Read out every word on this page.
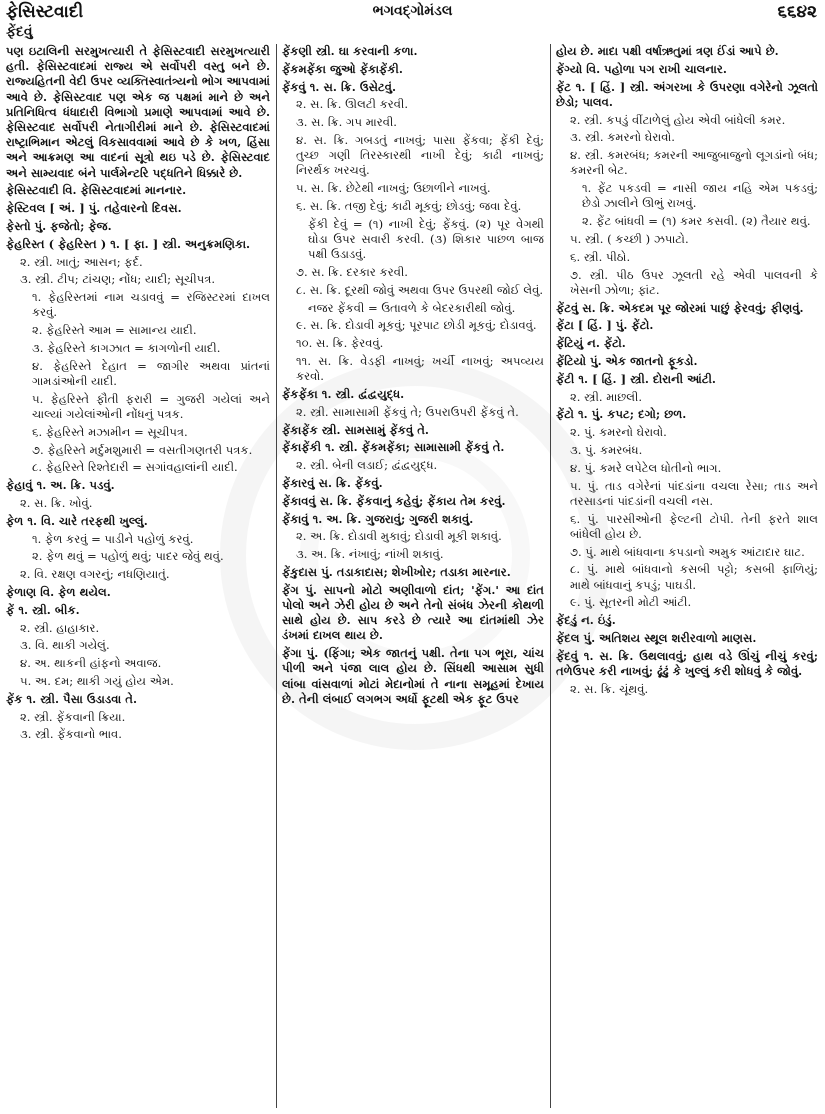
ફેસિસ્ટવાદી	ભગવદ્ગોમંડલ	૬૬૪૨
ફેંદવું

પણ ઇટાલિની સરમુખત્યારી તે ફેસિસ્ટવાદી સરમુખત્યારી હતી. ફેસિસ્ટવાદમાં રાજ્ય એ સર્વોપરી વસ્તુ બને છે. રાજ્યહિતની વેદી ઉપર વ્યક્તિસ્વાતંત્ર્યનો ભોગ આપવામાં આવે છે. ફેસિસ્ટવાદ પણ એક જ પક્ષમાં માને છે અને પ્રતિનિધિત્વ ધંધાદારી વિભાગો પ્રમાણે આપવામાં આવે છે. ફેસિસ્ટવાદ સર્વોપરી નેતાગીરીમાં માને છે. ફેસિસ્ટવાદમાં રાષ્ટ્રાભિમાન એટલું વિકસાવવામાં આવે છે કે ખળ, હિંસા અને આક્રમણ આ વાદનાં સૂત્રો થઇ પડે છે. ફેસિસ્ટવાદ અને સામ્યવાદ બંને પાર્લમેન્ટરિ પદ્ધતિને ધિક્કારે છે.

ફેસિસ્ટવાદી વિ. ફેસિસ્ટવાદમાં માનનાર.

ફેસ્ટિવલ [ અં. ] પું. તહેવારનો દિવસ.

ફેસ્તો પું. ફજેતો; ફેજ.

ફેહરિસ્ત ( ફેહરિસ્ત ) ૧. [ ફા. ] સ્ત્રી. અનુક્રમણિકા.

૨. સ્ત્રી. ખાતું; આસન; ફર્દ.

૩. સ્ત્રી. ટીપ; ટાંચણ; નોંધ; યાદી; સૂચીપત્ર.

૧. ફેહરિસ્તમાં નામ ચડાવવું = રજિસ્ટરમાં દાખલ કરવું.

૨. ફેહરિસ્તે આમ = સામાન્ય યાદી.

૩. ફેહરિસ્તે કાગઝાત = કાગળોની યાદી.

૪. ફેહરિસ્તે દેહાત = જાગીર અથવા પ્રાંતનાં ગામડાંઓની યાદી.

૫. ફેહરિસ્તે ફૌતી ફરારી = ગુજરી ગયેલાં અને ચાલ્યાં ગયેલાંઓની નોંધનું પત્રક.

૬. ફેહરિસ્તે મઝામીન = સૂચીપત્ર.

૭. ફેહરિસ્તે મર્દુમશુમારી = વસતીગણતરી પત્રક.

૮. ફેહરિસ્તે રિશ્તેદારી = સગાંવહાલાંની યાદી.

ફેહાવું ૧. અ. ક્રિ. પડવું.

૨. સ. ક્રિ. ખોવું.

ફેળ ૧. વિ. ચારે તરફથી ખુલ્લું.

૧. ફેળ કરવું = પાડીને પહોળું કરવું.

૨. ફેળ થવું = પહોળું થવું; પાદર જેવું થવું.

૨. વિ. રક્ષણ વગરનું; નધણિયાતું.

ફેળાણ વિ. ફેળ થયેલ.

ફેં ૧. સ્ત્રી. બીક.

૨. સ્ત્રી. હાહાકાર.

૩. વિ. થાકી ગયેલું.

૪. અ. થાકની હાંફનો અવાજ.

૫. અ. દમ; થાકી ગયું હોય એમ.

ફેંક ૧. સ્ત્રી. પૈસા ઉડાડવા તે.

૨. સ્ત્રી. ફેંકવાની ક્રિયા.

૩. સ્ત્રી. ફેંકવાનો ભાવ.

ફેંકણી સ્ત્રી. ઘા કરવાની કળા.

ફેંકમફેંકા જુઓ ફેંકાફેંકી.

ફેંકવું ૧. સ. ક્રિ. ઉસેટવું.

૨. સ. ક્રિ. ઊલટી કરવી.

૩. સ. ક્રિ. ગપ મારવી.

૪. સ. ક્રિ. ગબડતું નાખવું; પાસા ફેંકવા; ફેંકી દેવું; તુચ્છ ગણી તિરસ્કારથી નાખી દેવું; કાઢી નાખવું; નિરર્થક ખરચવું.

૫. સ. ક્રિ. છેટેથી નાખવું; ઉછાળીને નાખવું.

૬. સ. ક્રિ. તજી દેવું; કાઢી મૂકવું; છોડવું; જવા દેવું.

ફેંકી દેવું = (૧) નાખી દેવું; ફેંકવું. (૨) પૂર વેગથી ઘોડા ઉપર સવારી કરવી. (૩) શિકાર પાછળ બાજ પક્ષી ઉડાડવું.

૭. સ. ક્રિ. દરકાર કરવી.

૮. સ. ક્રિ. દૂરથી જોવું અથવા ઉપર ઉપરથી જોઈ લેવું.

નજર ફેંકવી = ઉતાવળે કે બેદરકારીથી જોવું.

૯. સ. ક્રિ. દોડાવી મૂકવું; પૂરપાટ છોડી મૂકવું; દોડાવવું.

૧૦. સ. ક્રિ. ફેરવવું.

૧૧. સ. ક્રિ. વેડફી નાખવું; ખર્ચી નાખવું; અપવ્યય કરવો.

ફેંકફેંકા ૧. સ્ત્રી. દ્વંદ્વયુદ્ધ.

૨. સ્ત્રી. સામાસામી ફેંકવું તે; ઉપરાઉપરી ફેંકવું તે.

ફેંકાફેંક સ્ત્રી. સામસામું ફેંકવું તે.

ફેંકાફેંકી ૧. સ્ત્રી. ફેંકમફેંકા; સામાસામી ફેંકવું તે.

૨. સ્ત્રી. બેની લડાઈ; દ્વંદ્વયુદ્ધ.

ફેંકારવું સ. ક્રિ. ફેંકવું.

ફેંકાવવું સ. ક્રિ. ફેંકવાનું કહેવું; ફેંકાય તેમ કરવું.

ફેંકાવું ૧. અ. ક્રિ. ગુજરાવું; ગુજરી શકાવું.

૨. અ. ક્રિ. દોડાવી મુકાવું; દોડાવી મૂકી શકાવું.

૩. અ. ક્રિ. નંખાવું; નાંખી શકાવું.

ફેંકુદાસ પું. તડાકાદાસ; શેખીખોર; તડાકા મારનાર.

ફેંગ પું. સાપનો મોટો અણીવાળો દાંત; 'ફેંગ.' આ દાંત પોલો અને ઝેરી હોય છે અને તેનો સંબંધ ઝેરની કોથળી સાથે હોય છે. સાપ કરડે છે ત્યારે આ દાંતમાંથી ઝેર ડંખમાં દાખલ થાય છે.

ફેંગા પું. (ફિંગા; એક જાતનું પક્ષી. તેના પગ ભૂરા, ચાંચ પીળી અને પંજા લાલ હોય છે. સિંધથી આસામ સુધી લાંબા વાંસવાળાં મોટાં મેદાનોમાં તે નાના સમૂહમાં દેખાય છે. તેની લંબાઈ લગભગ અર્ધો ફૂટથી એક ફૂટ ઉપર

હોય છે. માદા પક્ષી વર્ષાઋતુમાં ત્રણ ઈંડાં આપે છે.

ફેંગ્યો વિ. પહોળા પગ રાખી ચાલનાર.

ફેંટ ૧. [ હિં. ] સ્ત્રી. અંગરખા કે ઉપરણા વગેરેનો ઝૂલતો છેડો; પાલવ.

૨. સ્ત્રી. કપડું વીંટાળેલું હોય એવી બાંધેલી કમર.

૩. સ્ત્રી. કમરનો ઘેરાવો.

૪. સ્ત્રી. કમરબંધ; કમરની આજુબાજુનો લૂગડાંનો બંધ; કમરની બેટ.

૧. ફેંટ પકડવી = નાસી જાય નહિ એમ પકડવું; છેડો ઝાલીને ઊભું રાખવું.

૨. ફેંટ બાંધવી = (૧) કમર કસવી. (૨) તૈયાર થવું.

૫. સ્ત્રી. ( કચ્છી ) ઝપાટો.

૬. સ્ત્રી. પીઠો.

૭. સ્ત્રી. પીઠ ઉપર ઝૂલતી રહે એવી પાલવની કે ખેસની ઝોળા; ફાંટ.

ફેંટવું સ. ક્રિ. એકદમ પૂર જોરમાં પાછું ફેરવવું; ફીણવું.

ફેંટા [ હિં. ] પું. ફેંટો.

ફેંટિયું ન. ફેંટો.

ફેંટિયો પું. એક જાતનો ફૂકડો.

ફેંટી ૧. [ હિં. ] સ્ત્રી. દોરાની આંટી.

૨. સ્ત્રી. માછલી.

ફેંટો ૧. પું. કપટ; દગો; છળ.

૨. પું. કમરનો ઘેરાવો.

૩. પું. કમરબંધ.

૪. પું. કમરે લપેટેલ ધોતીનો ભાગ.

૫. પું. તાડ વગેરેનાં પાંદડાંના વચલા રેસા; તાડ અને તરસાડનાં પાંદડાંની વચલી નસ.

૬. પું. પારસીઓની ફેલ્ટની ટોપી. તેની ફરતે શાલ બાંધેલી હોય છે.

૭. પું. માથે બાંધવાના કપડાનો અમુક આંટાદાર ઘાટ.

૮. પું. માથે બાંધવાનો કસબી પટ્ટો; કસબી ફાળિયું; માથે બાંધવાનું કપડું; પાઘડી.

૯. પું. સૂતરની મોટી આંટી.

ફેંદડું ન. ઇંડું.

ફેંદલ પું. અતિશય સ્થૂલ શરીરવાળો માણસ.

ફેંદવું ૧. સ. ક્રિ. ઉથલાવવું; હાથ વડે ઊંચું નીચું કરવું; તળેઉપર કરી નાખવું; ઢૂંઢું કે ખુલ્લું કરી શોધવું કે જોવું.

૨. સ. ક્રિ. ચૂંથવું.
